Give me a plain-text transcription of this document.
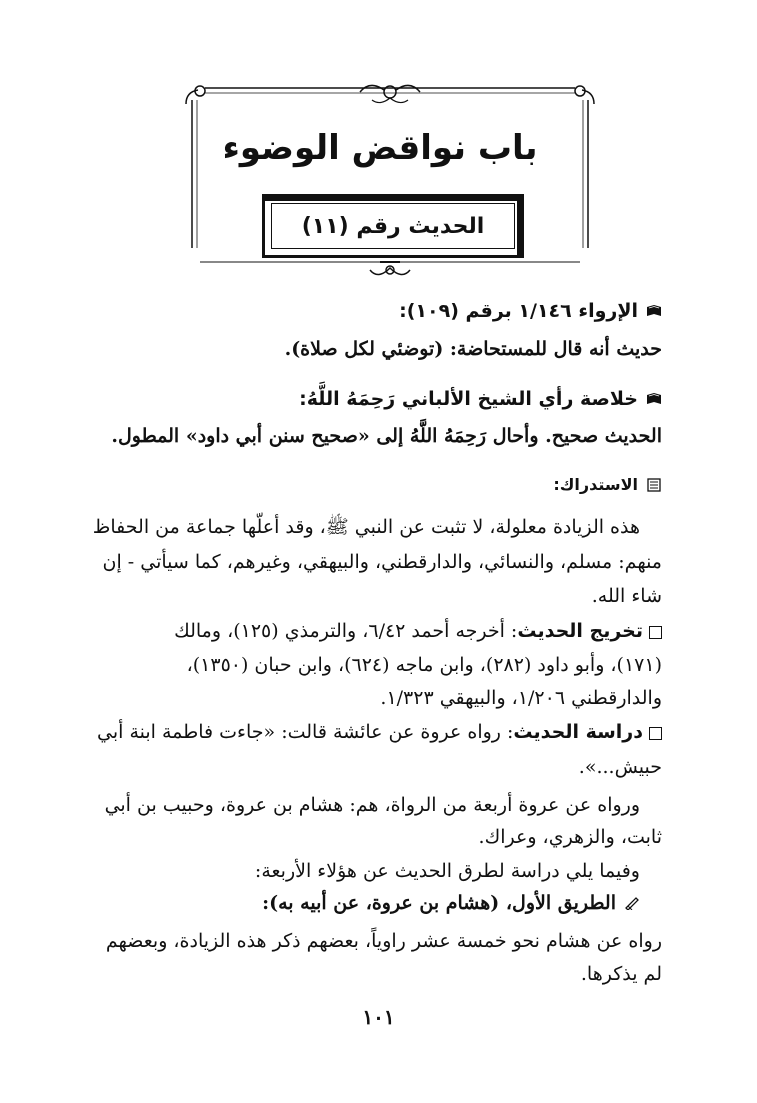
باب نواقض الوضوء
الحديث رقم (١١)
الإرواء ١/١٤٦ برقم (١٠٩):
حديث أنه قال للمستحاضة: (توضئي لكل صلاة).
خلاصة رأي الشيخ الألباني رَحِمَهُ اللَّهُ:
الحديث صحيح. وأحال رَحِمَهُ اللَّهُ إلى «صحيح سنن أبي داود» المطول.
الاستدراك:
هذه الزيادة معلولة، لا تثبت عن النبي ﷺ، وقد أعلّها جماعة من الحفاظ
منهم: مسلم، والنسائي، والدارقطني، والبيهقي، وغيرهم، كما سيأتي - إن
شاء الله.
تخريج الحديث: أخرجه أحمد ٦/٤٢، والترمذي (١٢٥)، ومالك
(١٧١)، وأبو داود (٢٨٢)، وابن ماجه (٦٢٤)، وابن حبان (١٣٥٠)،
والدارقطني ١/٢٠٦، والبيهقي ١/٣٢٣.
دراسة الحديث: رواه عروة عن عائشة قالت: «جاءت فاطمة ابنة أبي
حبيش...».
ورواه عن عروة أربعة من الرواة، هم: هشام بن عروة، وحبيب بن أبي
ثابت، والزهري، وعراك.
وفيما يلي دراسة لطرق الحديث عن هؤلاء الأربعة:
الطريق الأول، (هشام بن عروة، عن أبيه به):
رواه عن هشام نحو خمسة عشر راوياً، بعضهم ذكر هذه الزيادة، وبعضهم
لم يذكرها.
١٠١
